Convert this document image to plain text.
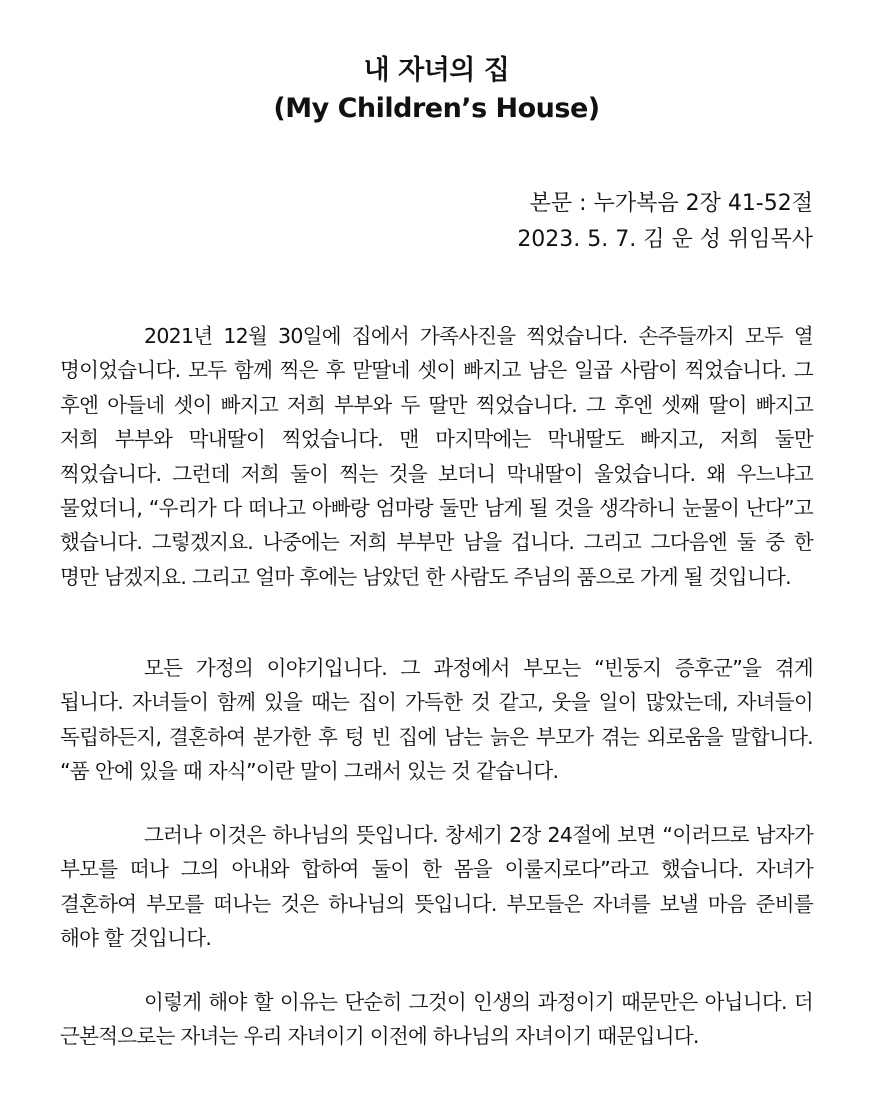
내 자녀의 집
(My Children’s House)
본문 : 누가복음 2장 41-52절
2023. 5. 7. 김 운 성 위임목사

2021년 12월 30일에 집에서 가족사진을 찍었습니다. 손주들까지 모두 열 명이었습니다. 모두 함께 찍은 후 맏딸네 셋이 빠지고 남은 일곱 사람이 찍었습니다. 그 후엔 아들네 셋이 빠지고 저희 부부와 두 딸만 찍었습니다. 그 후엔 셋째 딸이 빠지고 저희 부부와 막내딸이 찍었습니다. 맨 마지막에는 막내딸도 빠지고, 저희 둘만 찍었습니다. 그런데 저희 둘이 찍는 것을 보더니 막내딸이 울었습니다. 왜 우느냐고 물었더니, “우리가 다 떠나고 아빠랑 엄마랑 둘만 남게 될 것을 생각하니 눈물이 난다”고 했습니다. 그렇겠지요. 나중에는 저희 부부만 남을 겁니다. 그리고 그다음엔 둘 중 한 명만 남겠지요. 그리고 얼마 후에는 남았던 한 사람도 주님의 품으로 가게 될 것입니다.

모든 가정의 이야기입니다. 그 과정에서 부모는 “빈둥지 증후군”을 겪게 됩니다. 자녀들이 함께 있을 때는 집이 가득한 것 같고, 웃을 일이 많았는데, 자녀들이 독립하든지, 결혼하여 분가한 후 텅 빈 집에 남는 늙은 부모가 겪는 외로움을 말합니다. “품 안에 있을 때 자식”이란 말이 그래서 있는 것 같습니다.

그러나 이것은 하나님의 뜻입니다. 창세기 2장 24절에 보면 “이러므로 남자가 부모를 떠나 그의 아내와 합하여 둘이 한 몸을 이룰지로다”라고 했습니다. 자녀가 결혼하여 부모를 떠나는 것은 하나님의 뜻입니다. 부모들은 자녀를 보낼 마음 준비를 해야 할 것입니다.

이렇게 해야 할 이유는 단순히 그것이 인생의 과정이기 때문만은 아닙니다. 더 근본적으로는 자녀는 우리 자녀이기 이전에 하나님의 자녀이기 때문입니다.
